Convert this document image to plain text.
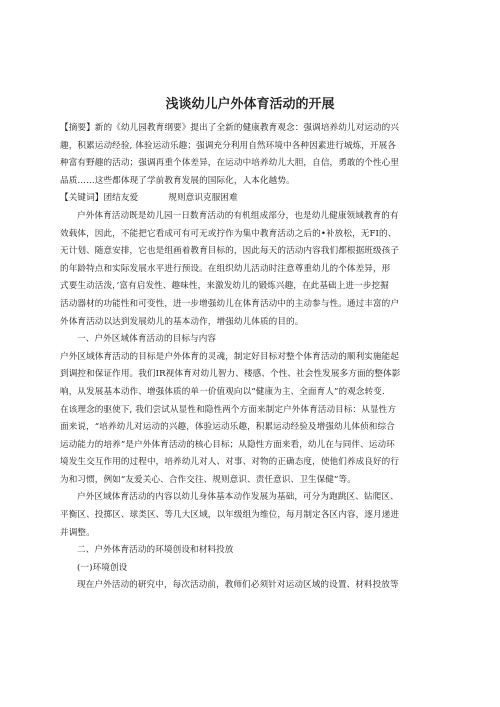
浅谈幼儿户外体育活动的开展
【摘要】新的《幼儿园教育纲要》提出了全新的健康教育观念：强调培养幼儿对运动的兴
趣，积累运动经验, 体验运动乐趣；强调充分利用自然环境中各种因素进行城炼，开展各
种富有野趣的活动；强调再重个体差异，在运动中培养幼儿大胆，自信，勇敢的个性心里
品质……这些都体现了学前教育发展的国际化，人本化越势。
【关键词】团结友爱	规则意识克服困难
户外体育活动既是幼儿园一日数育活动的有机组成部分，也是幼儿健康领域教育的有
效载体，因此，不能把它看成可有可无或拧作为集中教育活动之后的•补放松，无FI的、
无计划、随意安排，它也是组画着教育目标的，因此每天的活动内容我们都根据班级孩子
的年龄特点和实际发展水平进行预设。在组织幼儿活动时注意尊重幼儿的个体差异，形
式要生动活泼，’富有启发性、趣味性，来激发幼儿的锻炼兴趣，在此基础上进一步挖掘
活动器材的功能性和可变性，进一步增强幼儿在体育活动中的主动参与性。通过丰富的户
外体育活动以达到发展幼儿的基本动作，增强幼儿体质的目的。
一、户外区域体育活动的目标与内容
户外区域体育活动的目标是户外体育的灵魂，制定好目标对整个体育活动的顺利实施能起
到调控和保证作用。我们IR视体育对幼儿智力、楼感、个性、社会性发展多方面的整体影
响，从发展基本动作、增强体质的单一价值观向以“健康为主、全面育人”的观念转变.
在该理念的驱使下, 我们尝试从显性和隐性两个方面来制定户外体育活动目标：从显性方
面来说，“培养幼儿对运动的兴趣，体验运动乐趣，积累运动经验及增强幼儿体侦和综合
运动能力的培养”是户外体育活动的核心目标；从隐性方面来看，幼儿在与同伴、运动环
境发生交互作用的过程中，培养幼儿对人、对事、对物的正确态度，使他们养成良好的行
为和习惯，例如“友爱关心、合作交往、规则意识、责任意识、卫生保健”等。
户外区域体育活动的内容以幼儿身体基本动作发展为基础，可分为跑跳区、钻爬区、
平衡区、投掷区、球类区、等几大区域，以年级组为维位，每月制定各区内容，逐月递进
并调整。
二、户外体育活动的环境创设和材料投放
(一)环境创设
现在户外活动的研究中，每次活动前，教师们必须针对运动区域的设置、材料投放等
